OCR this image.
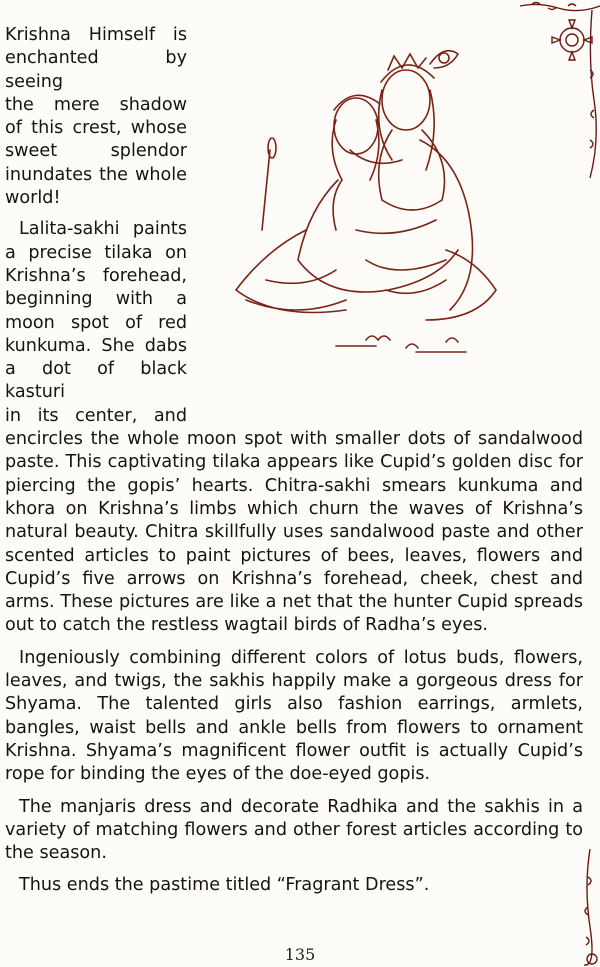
Krishna Himself is
enchanted by seeing
the mere shadow
of this crest, whose
sweet splendor
inundates the whole
world!
Lalita-sakhi paints
a precise tilaka on
Krishna’s forehead,
beginning with a
moon spot of red
kunkuma. She dabs
a dot of black kasturi
in its center, and

encircles the whole moon spot with smaller dots of sandalwood paste. This captivating tilaka appears like Cupid’s golden disc for piercing the gopis’ hearts. Chitra-sakhi smears kunkuma and khora on Krishna’s limbs which churn the waves of Krishna’s natural beauty. Chitra skillfully uses sandalwood paste and other scented articles to paint pictures of bees, leaves, flowers and Cupid’s five arrows on Krishna’s forehead, cheek, chest and arms. These pictures are like a net that the hunter Cupid spreads out to catch the restless wagtail birds of Radha’s eyes.

Ingeniously combining different colors of lotus buds, flowers, leaves, and twigs, the sakhis happily make a gorgeous dress for Shyama. The talented girls also fashion earrings, armlets, bangles, waist bells and ankle bells from flowers to ornament Krishna. Shyama’s magnificent flower outfit is actually Cupid’s rope for binding the eyes of the doe-eyed gopis.

The manjaris dress and decorate Radhika and the sakhis in a variety of matching flowers and other forest articles according to the season.

Thus ends the pastime titled “Fragrant Dress”.

135
